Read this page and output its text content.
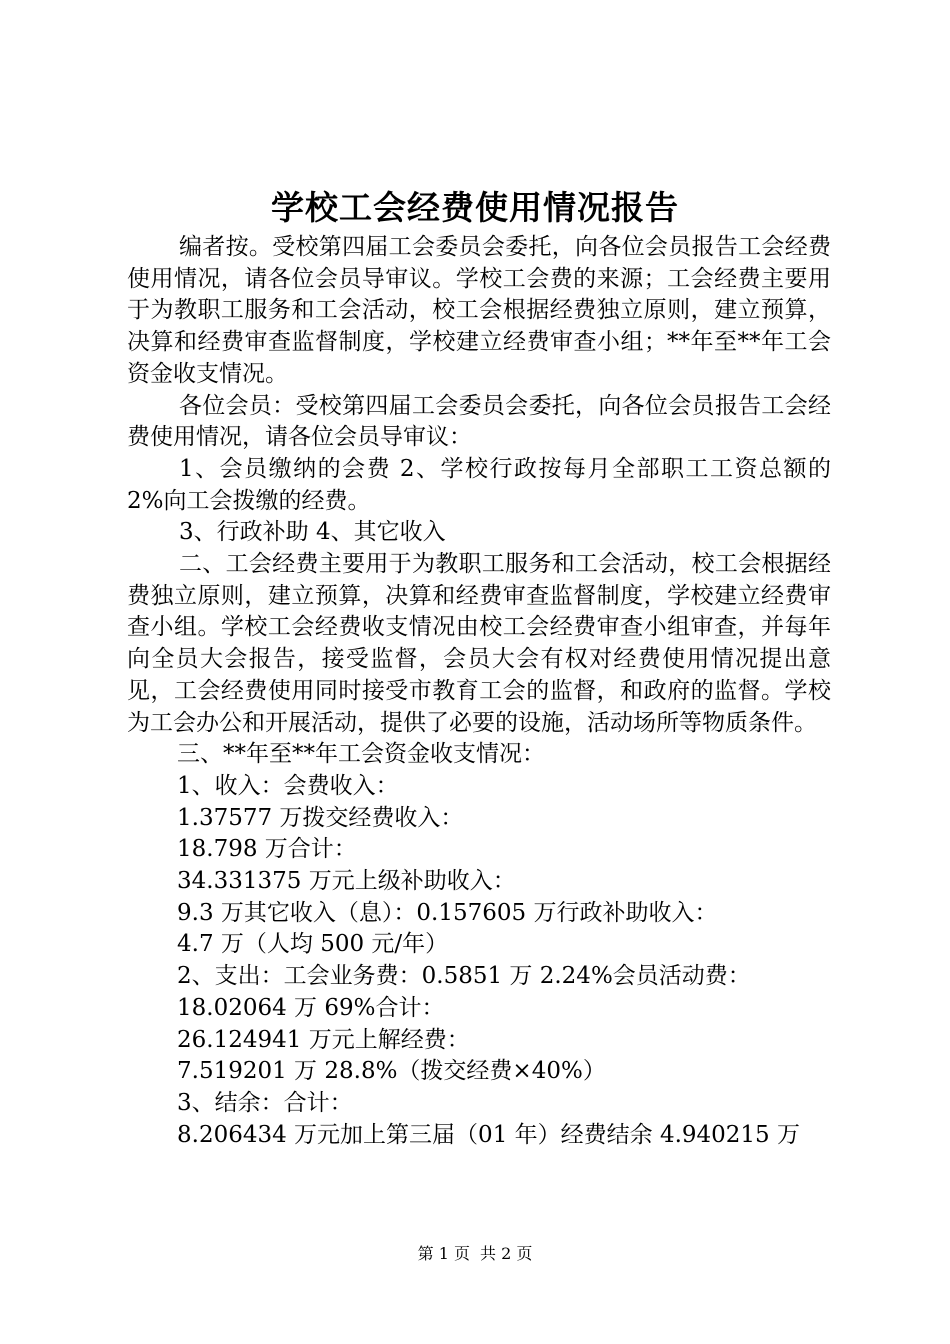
学校工会经费使用情况报告

编者按。受校第四届工会委员会委托，向各位会员报告工会经费使用情况，请各位会员导审议。学校工会费的来源；工会经费主要用于为教职工服务和工会活动，校工会根据经费独立原则，建立预算，决算和经费审查监督制度，学校建立经费审查小组；**年至**年工会资金收支情况。

各位会员：受校第四届工会委员会委托，向各位会员报告工会经费使用情况，请各位会员导审议：

1、会员缴纳的会费 2、学校行政按每月全部职工工资总额的 2%向工会拨缴的经费。

3、行政补助 4、其它收入

二、工会经费主要用于为教职工服务和工会活动，校工会根据经费独立原则，建立预算，决算和经费审查监督制度，学校建立经费审查小组。学校工会经费收支情况由校工会经费审查小组审查，并每年向全员大会报告，接受监督，会员大会有权对经费使用情况提出意见，工会经费使用同时接受市教育工会的监督，和政府的监督。学校为工会办公和开展活动，提供了必要的设施，活动场所等物质条件。

三、**年至**年工会资金收支情况：

1、收入：会费收入：

1.37577 万拨交经费收入：

18.798 万合计：

34.331375 万元上级补助收入：

9.3 万其它收入（息）：0.157605 万行政补助收入：

4.7 万（人均 500 元/年）

2、支出：工会业务费：0.5851 万 2.24%会员活动费：

18.02064 万 69%合计：

26.124941 万元上解经费：

7.519201 万 28.8%（拨交经费×40%）

3、结余：合计：

8.206434 万元加上第三届（01 年）经费结余 4.940215 万

第 1 页 共 2 页
